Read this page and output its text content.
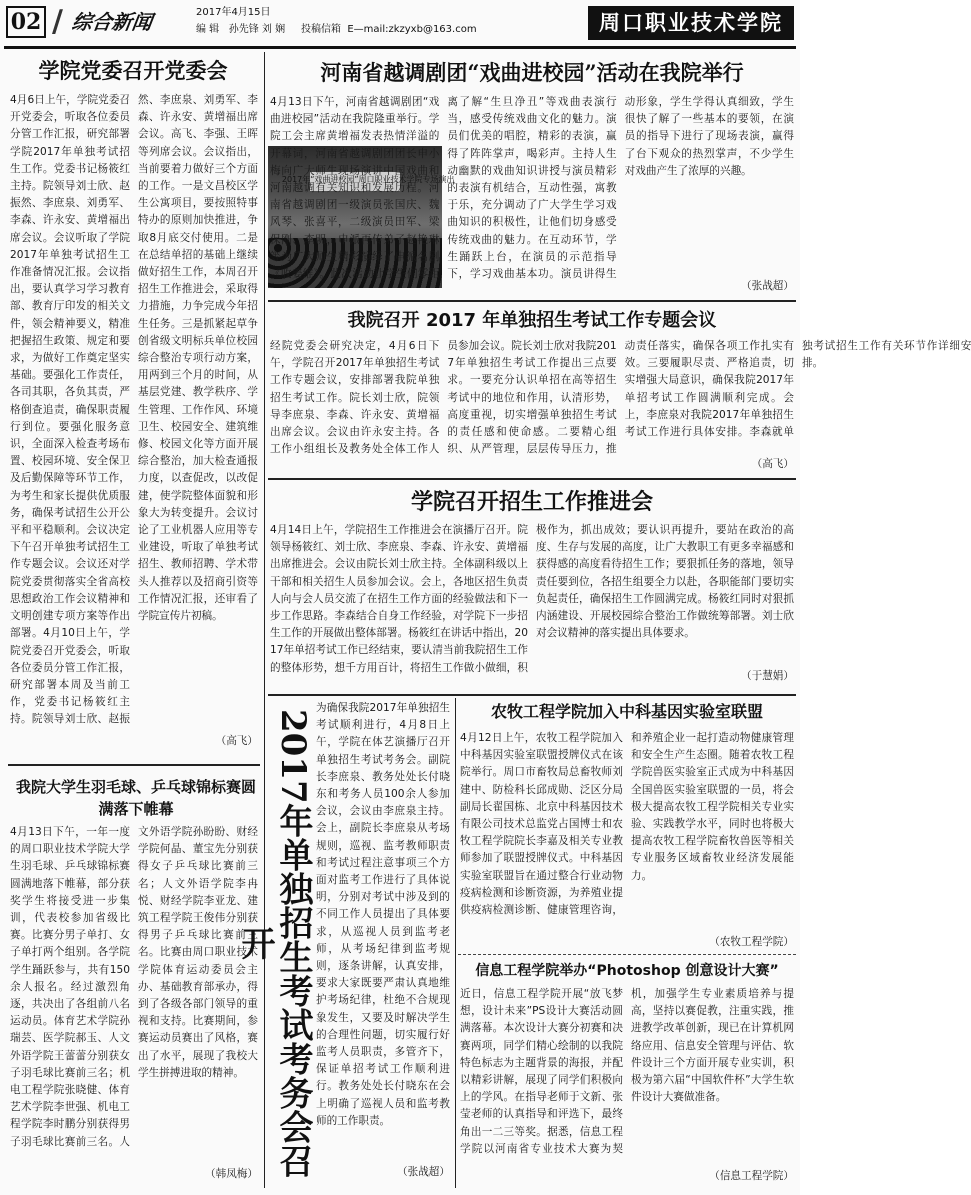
02 / 综合新闻	2017年4月15日
编 辑 孙先锋 刘 娴 投稿信箱 E—mail:zkzyxb@163.com	周口职业技术学院
学院党委召开党委会
4月6日上午，学院党委召开党委会，听取各位委员分管工作汇报，研究部署学院2017年单独考试招生工作。党委书记杨筱红主持。院领导刘士欣、赵振然、李庶泉、刘勇军、李森、许永安、黄增福出席会议。会议听取了学院2017年单独考试招生工作准备情况汇报。会议指出，要认真学习学习教育部、教育厅印发的相关文件，领会精神要义，精准把握招生政策、规定和要求，为做好工作奠定坚实基础。要强化工作责任，各司其职，各负其责，严格倒查追责，确保职责履行到位。要强化服务意识，全面深入检查考场布置、校园环境、安全保卫及后勤保障等环节工作，为考生和家长提供优质服务，确保考试招生公开公平和平稳顺利。会议决定下午召开单独考试招生工作专题会议。会议还对学院党委贯彻落实全省高校思想政治工作会议精神和文明创建专项方案等作出部署。4月10日上午，学院党委召开党委会，听取各位委员分管工作汇报，研究部署本周及当前工作，党委书记杨筱红主持。院领导刘士欣、赵振然、李庶泉、刘勇军、李森、许永安、黄增福出席会议。高飞、李强、王晖等列席会议。会议指出，当前要着力做好三个方面的工作。一是文昌校区学生公寓项目，要按照特事特办的原则加快推进，争取8月底交付使用。二是在总结单招的基础上继续做好招生工作，本周召开招生工作推进会，采取得力措施，力争完成今年招生任务。三是抓紧起草争创省级文明标兵单位校园综合整治专项行动方案，用两到三个月的时间，从基层党建、教学秩序、学生管理、工作作风、环境卫生、校园安全、建筑维修、校园文化等方面开展综合整治，加大检查通报力度，以查促改，以改促建，使学院整体面貌和形象大为转变提升。会议讨论了工业机器人应用等专业建设，听取了单独考试招生、教师招聘、学术带头人推荐以及招商引资等工作情况汇报，还审看了学院宣传片初稿。
（高飞）
我院大学生羽毛球、乒乓球锦标赛圆满落下帷幕
4月13日下午，一年一度的周口职业技术学院大学生羽毛球、乒乓球锦标赛圆满地落下帷幕，部分获奖学生将接受进一步集训，代表校参加省级比赛。比赛分男子单打、女子单打两个组别。各学院学生踊跃参与，共有150余人报名。经过激烈角逐，共决出了各组前八名运动员。体育艺术学院孙瑞芸、医学院郝玉、人文外语学院王蕾蕾分别获女子羽毛球比赛前三名；机电工程学院张晓健、体育艺术学院李世强、机电工程学院李时鹏分别获得男子羽毛球比赛前三名。人文外语学院孙盼盼、财经学院何晶、董宝先分别获得女子乒乓球比赛前三名；人文外语学院李冉悦、财经学院李亚龙、建筑工程学院王俊伟分别获得男子乒乓球比赛前三名。比赛由周口职业技术学院体育运动委员会主办、基础教育部承办，得到了各级各部门领导的重视和支持。比赛期间，参赛运动员赛出了风格，赛出了水平，展现了我校大学生拼搏进取的精神。
（韩凤梅）
河南省越调剧团“戏曲进校园”活动在我院举行
2017年“戏曲进校园”周口职业技术学院专场演出
4月13日下午，河南省越调剧团“戏曲进校园”活动在我院隆重举行。学院工会主席黄增福发表热情洋溢的开幕词，河南省越调剧团团长申小梅向广大师生现场演讲中国戏曲和河南越调有关知识和发展历程。河南省越调剧团一级演员张国庆、魏风琴、张喜平，二级演员田军、梁保刚、李明，申派再传弟子赵艳琳等为广大师生精彩演绎了申派名剧《收姜维》。此次活动让学生们零距离了解“生旦净丑”等戏曲表演行当，感受传统戏曲文化的魅力。演员们优美的唱腔，精彩的表演，赢得了阵阵掌声，喝彩声。主持人生动幽默的戏曲知识讲授与演员精彩的表演有机结合，互动性强，寓教于乐，充分调动了广大学生学习戏曲知识的积极性，让他们切身感受传统戏曲的魅力。在互动环节，学生踊跃上台，在演员的示范指导下，学习戏曲基本功。演员讲得生动形象，学生学得认真细致，学生很快了解了一些基本的要领，在演员的指导下进行了现场表演，赢得了台下观众的热烈掌声，不少学生对戏曲产生了浓厚的兴趣。
（张战超）
我院召开 2017 年单独招生考试工作专题会议
经院党委会研究决定，4月6日下午，学院召开2017年单独招生考试工作专题会议，安排部署我院单独招生考试工作。院长刘士欣，院领导李庶泉、李森、许永安、黄增福出席会议。会议由许永安主持。各工作小组组长及教务处全体工作人员参加会议。院长刘士欣对我院2017年单独招生考试工作提出三点要求。一要充分认识单招在高等招生考试中的地位和作用，认清形势，高度重视，切实增强单独招生考试的责任感和使命感。二要精心组织、从严管理，层层传导压力，推动责任落实，确保各项工作扎实有效。三要履职尽责、严格追责，切实增强大局意识，确保我院2017年单招考试工作圆满顺利完成。会上，李庶泉对我院2017年单独招生考试工作进行具体安排。李森就单独考试招生工作有关环节作详细安排。
（高飞）
学院召开招生工作推进会
4月14日上午，学院招生工作推进会在演播厅召开。院领导杨筱红、刘士欣、李庶泉、李森、许永安、黄增福出席推进会。会议由院长刘士欣主持。全体副科级以上干部和相关招生人员参加会议。会上，各地区招生负责人向与会人员交流了在招生工作方面的经验做法和下一步工作思路。李森结合自身工作经验，对学院下一步招生工作的开展做出整体部署。杨筱红在讲话中指出，2017年单招考试工作已经结束，要认清当前我院招生工作的整体形势，想千方用百计，将招生工作做小做细，积极作为，抓出成效；要认识再提升，要站在政治的高度、生存与发展的高度，让广大教职工有更多幸福感和获得感的高度看待招生工作；要狠抓任务的落地，领导责任要到位，各招生组要全力以赴，各职能部门要切实负起责任，确保招生工作圆满完成。杨筱红同时对狠抓内涵建设、开展校园综合整治工作做统筹部署。刘士欣对会议精神的落实提出具体要求。
（于慧娟）
2017年单独招生考试考务会召开
为确保我院2017年单独招生考试顺利进行，4月8日上午，学院在体艺演播厅召开单独招生考试考务会。副院长李庶泉、教务处处长付晓东和考务人员100余人参加会议，会议由李庶泉主持。会上，副院长李庶泉从考场规则，巡视、监考教师职责和考试过程注意事项三个方面对监考工作进行了具体说明，分别对考试中涉及到的不同工作人员提出了具体要求，从巡视人员到监考老师，从考场纪律到监考规则，逐条讲解，认真安排，要求大家既要严肃认真地维护考场纪律，杜绝不合规现象发生，又要及时解决学生的合理性问题，切实履行好监考人员职责，多管齐下，保证单招考试工作顺利进行。教务处处长付晓东在会上明确了巡视人员和监考教师的工作职责。
（张战超）
农牧工程学院加入中科基因实验室联盟
4月12日上午，农牧工程学院加入中科基因实验室联盟授牌仪式在该院举行。周口市畜牧局总畜牧师刘建中、防检科长邱成勋、泛区分局副局长翟国栋、北京中科基因技术有限公司技术总监党占国博士和农牧工程学院院长李嘉及相关专业教师参加了联盟授牌仪式。中科基因实验室联盟旨在通过整合行业动物疫病检测和诊断资源，为养殖业提供疫病检测诊断、健康管理咨询，和养殖企业一起打造动物健康管理和安全生产生态圈。随着农牧工程学院兽医实验室正式成为中科基因全国兽医实验室联盟的一员，将会极大提高农牧工程学院相关专业实验、实践教学水平，同时也将极大提高农牧工程学院畜牧兽医等相关专业服务区域畜牧业经济发展能力。
（农牧工程学院）
信息工程学院举办“Photoshop 创意设计大赛”
近日，信息工程学院开展“放飞梦想，设计未来”PS设计大赛活动圆满落幕。本次设计大赛分初赛和决赛两项，同学们精心绘制的以我院特色标志为主题背景的海报，并配以精彩讲解，展现了同学们积极向上的学风。在指导老师于文新、张莹老师的认真指导和评选下，最终角出一二三等奖。据悉，信息工程学院以河南省专业技术大赛为契机，加强学生专业素质培养与提高，坚持以赛促教，注重实践，推进教学改革创新，现已在计算机网络应用、信息安全管理与评估、软件设计三个方面开展专业实训，积极为第六届“中国软件杯”大学生软件设计大赛做准备。
（信息工程学院）
